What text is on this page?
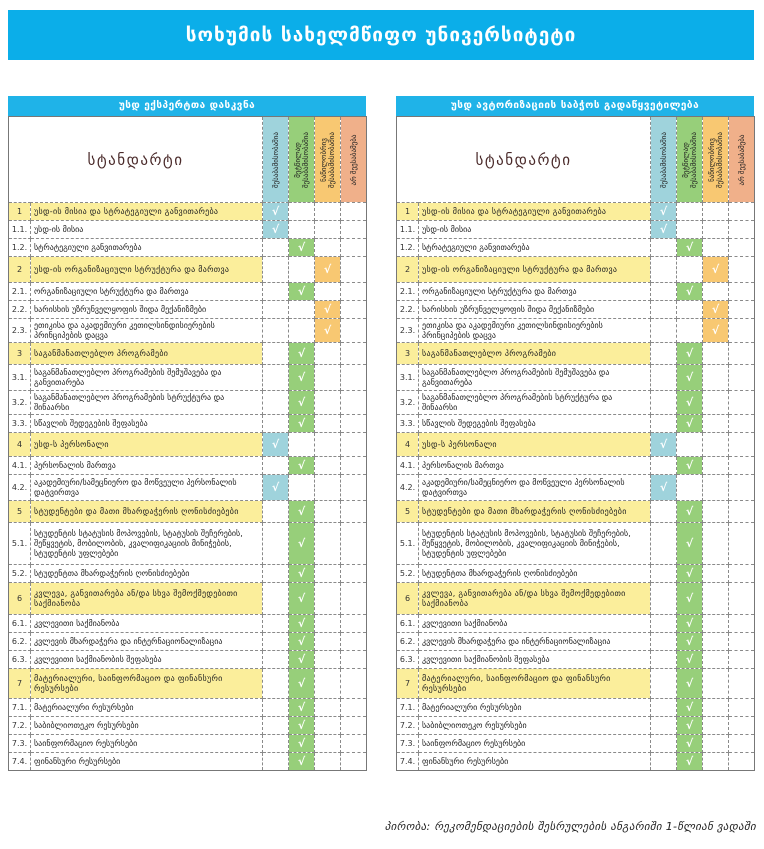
სოხუმის სახელმწიფო უნივერსიტეტი
უსდ ექსპერტთა დასკვნა
სტანდარტი		შესაბამისობაშია	მეტწილად შესაბამისობაშია	ნაწილობრივ შესაბამისობაშია	არ შეესაბამება

1	უსდ-ის მისია და სტრატეგიული განვითარება	√			
1.1.	უსდ-ის მისია	√			
1.2.	სტრატეგიული განვითარება		√		
2	უსდ-ის ორგანიზაციული სტრუქტურა და მართვა			√	
2.1.	ორგანიზაციული სტრუქტურა და მართვა		√		
2.2.	ხარისხის უზრუნველყოფის შიდა მექანიზმები			√	
2.3.	ეთიკისა და აკადემიური კეთილსინდისიერების პრინციპების დაცვა			√	
3	საგანმანათლებლო პროგრამები		√		
3.1.	საგანმანათლებლო პროგრამების შემუშავება და განვითარება		√		
3.2.	საგანმანათლებლო პროგრამების სტრუქტურა და შინაარსი		√		
3.3.	სწავლის შედეგების შეფასება		√		
4	უსდ-ს პერსონალი	√			
4.1.	პერსონალის მართვა		√		
4.2.	აკადემიური/სამეცნიერო და მოწვეული პერსონალის დატვირთვა	√			
5	სტუდენტები და მათი მხარდაჭერის ღონისძიებები		√		
5.1.	სტუდენტის სტატუსის მოპოვების, სტატუსის შეჩერების, შეწყვეტის, მობილობის, კვალიფიკაციის მინიჭების, სტუდენტის უფლებები		√		
5.2.	სტუდენტთა მხარდაჭერის ღონისძიებები		√		
6	კვლევა, განვითარება ან/და სხვა შემოქმედებითი საქმიანობა		√		
6.1.	კვლევითი საქმიანობა		√		
6.2.	კვლევის მხარდაჭერა და ინტერნაციონალიზაცია		√		
6.3.	კვლევითი საქმიანობის შეფასება		√		
7	მატერიალური, საინფორმაციო და ფინანსური რესურსები		√		
7.1.	მატერიალური რესურსები		√		
7.2.	საბიბლიოთეკო რესურსები		√		
7.3.	საინფორმაციო რესურსები		√		
7.4.	ფინანსური რესურსები		√		
უსდ ავტორიზაციის საბჭოს გადაწყვეტილება
სტანდარტი		შესაბამისობაშია	მეტწილად შესაბამისობაშია	ნაწილობრივ შესაბამისობაშია	არ შეესაბამება

1	უსდ-ის მისია და სტრატეგიული განვითარება	√			
1.1.	უსდ-ის მისია	√			
1.2.	სტრატეგიული განვითარება		√		
2	უსდ-ის ორგანიზაციული სტრუქტურა და მართვა			√	
2.1.	ორგანიზაციული სტრუქტურა და მართვა		√		
2.2.	ხარისხის უზრუნველყოფის შიდა მექანიზმები			√	
2.3.	ეთიკისა და აკადემიური კეთილსინდისიერების პრინციპების დაცვა			√	
3	საგანმანათლებლო პროგრამები		√		
3.1.	საგანმანათლებლო პროგრამების შემუშავება და განვითარება		√		
3.2.	საგანმანათლებლო პროგრამების სტრუქტურა და შინაარსი		√		
3.3.	სწავლის შედეგების შეფასება		√		
4	უსდ-ს პერსონალი	√			
4.1.	პერსონალის მართვა		√		
4.2.	აკადემიური/სამეცნიერო და მოწვეული პერსონალის დატვირთვა	√			
5	სტუდენტები და მათი მხარდაჭერის ღონისძიებები		√		
5.1.	სტუდენტის სტატუსის მოპოვების, სტატუსის შეჩერების, შეწყვეტის, მობილობის, კვალიფიკაციის მინიჭების, სტუდენტის უფლებები		√		
5.2.	სტუდენტთა მხარდაჭერის ღონისძიებები		√		
6	კვლევა, განვითარება ან/და სხვა შემოქმედებითი საქმიანობა		√		
6.1.	კვლევითი საქმიანობა		√		
6.2.	კვლევის მხარდაჭერა და ინტერნაციონალიზაცია		√		
6.3.	კვლევითი საქმიანობის შეფასება		√		
7	მატერიალური, საინფორმაციო და ფინანსური რესურსები		√		
7.1.	მატერიალური რესურსები		√		
7.2.	საბიბლიოთეკო რესურსები		√		
7.3.	საინფორმაციო რესურსები		√		
7.4.	ფინანსური რესურსები		√		
პირობა: რეკომენდაციების შესრულების ანგარიში 1-წლიან ვადაში
